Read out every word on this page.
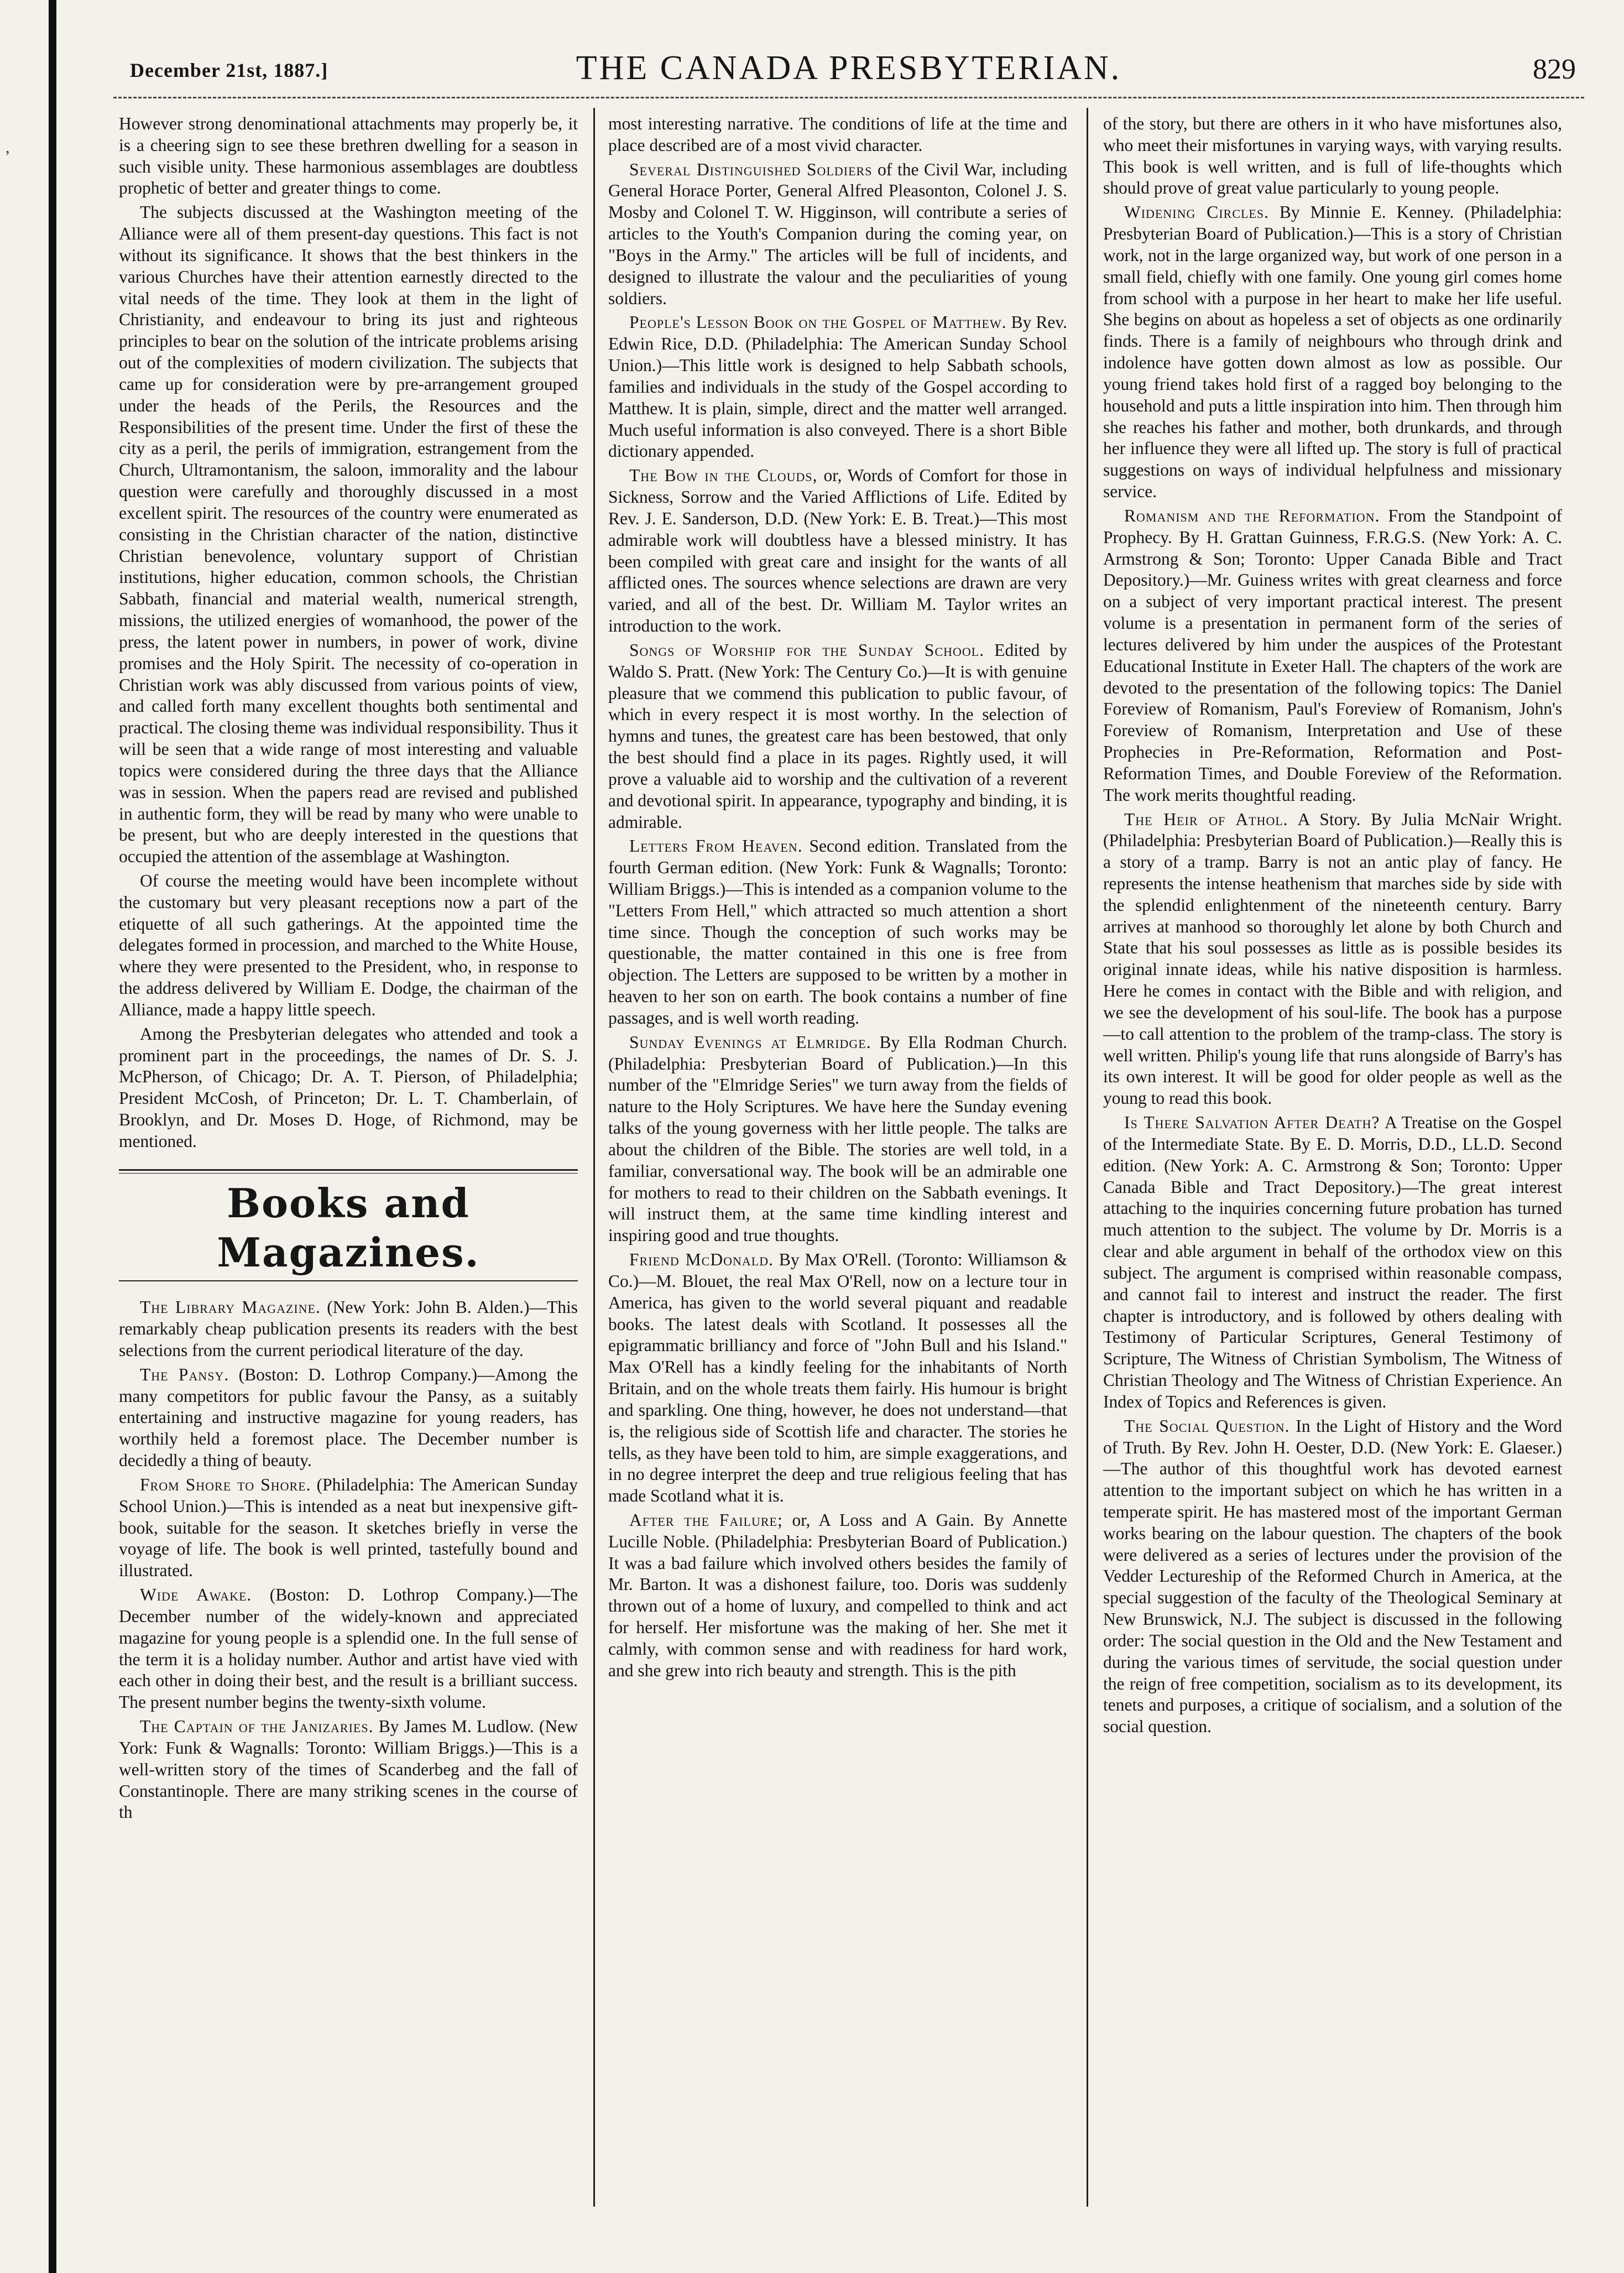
,
December 21st, 1887.]	THE CANADA PRESBYTERIAN.	829

However strong denominational attachments may properly be, it is a cheering sign to see these brethren dwelling for a season in such visible unity. These harmonious assemblages are doubtless prophetic of better and greater things to come.

The subjects discussed at the Washington meeting of the Alliance were all of them present-day questions. This fact is not without its significance. It shows that the best thinkers in the various Churches have their attention earnestly directed to the vital needs of the time. They look at them in the light of Christianity, and endeavour to bring its just and righteous principles to bear on the solution of the intricate problems arising out of the complexities of modern civilization. The subjects that came up for consideration were by pre-arrangement grouped under the heads of the Perils, the Resources and the Responsibilities of the present time. Under the first of these the city as a peril, the perils of immigration, estrangement from the Church, Ultramontanism, the saloon, immorality and the labour question were carefully and thoroughly discussed in a most excellent spirit. The resources of the country were enumerated as consisting in the Christian character of the nation, distinctive Christian benevolence, voluntary support of Christian institutions, higher education, common schools, the Christian Sabbath, financial and material wealth, numerical strength, missions, the utilized energies of womanhood, the power of the press, the latent power in numbers, in power of work, divine promises and the Holy Spirit. The necessity of co-operation in Christian work was ably discussed from various points of view, and called forth many excellent thoughts both sentimental and practical. The closing theme was individual responsibility. Thus it will be seen that a wide range of most interesting and valuable topics were considered during the three days that the Alliance was in session. When the papers read are revised and published in authentic form, they will be read by many who were unable to be present, but who are deeply interested in the questions that occupied the attention of the assemblage at Washington.

Of course the meeting would have been incomplete without the customary but very pleasant receptions now a part of the etiquette of all such gatherings. At the appointed time the delegates formed in procession, and marched to the White House, where they were presented to the President, who, in response to the address delivered by William E. Dodge, the chairman of the Alliance, made a happy little speech.

Among the Presbyterian delegates who attended and took a prominent part in the proceedings, the names of Dr. S. J. McPherson, of Chicago; Dr. A. T. Pierson, of Philadelphia; President McCosh, of Princeton; Dr. L. T. Chamberlain, of Brooklyn, and Dr. Moses D. Hoge, of Richmond, may be mentioned.

Books and Magazines.

The Library Magazine. (New York: John B. Alden.)—This remarkably cheap publication presents its readers with the best selections from the current periodical literature of the day.

The Pansy. (Boston: D. Lothrop Company.)—Among the many competitors for public favour the Pansy, as a suitably entertaining and instructive magazine for young readers, has worthily held a foremost place. The December number is decidedly a thing of beauty.

From Shore to Shore. (Philadelphia: The American Sunday School Union.)—This is intended as a neat but inexpensive gift-book, suitable for the season. It sketches briefly in verse the voyage of life. The book is well printed, tastefully bound and illustrated.

Wide Awake. (Boston: D. Lothrop Company.)—The December number of the widely-known and appreciated magazine for young people is a splendid one. In the full sense of the term it is a holiday number. Author and artist have vied with each other in doing their best, and the result is a brilliant success. The present number begins the twenty-sixth volume.

The Captain of the Janizaries. By James M. Ludlow. (New York: Funk & Wagnalls: Toronto: William Briggs.)—This is a well-written story of the times of Scanderbeg and the fall of Constantinople. There are many striking scenes in the course of th

most interesting narrative. The conditions of life at the time and place described are of a most vivid character.

Several Distinguished Soldiers of the Civil War, including General Horace Porter, General Alfred Pleasonton, Colonel J. S. Mosby and Colonel T. W. Higginson, will contribute a series of articles to the Youth's Companion during the coming year, on "Boys in the Army." The articles will be full of incidents, and designed to illustrate the valour and the peculiarities of young soldiers.

People's Lesson Book on the Gospel of Matthew. By Rev. Edwin Rice, D.D. (Philadelphia: The American Sunday School Union.)—This little work is designed to help Sabbath schools, families and individuals in the study of the Gospel according to Matthew. It is plain, simple, direct and the matter well arranged. Much useful information is also conveyed. There is a short Bible dictionary appended.

The Bow in the Clouds, or, Words of Comfort for those in Sickness, Sorrow and the Varied Afflictions of Life. Edited by Rev. J. E. Sanderson, D.D. (New York: E. B. Treat.)—This most admirable work will doubtless have a blessed ministry. It has been compiled with great care and insight for the wants of all afflicted ones. The sources whence selections are drawn are very varied, and all of the best. Dr. William M. Taylor writes an introduction to the work.

Songs of Worship for the Sunday School. Edited by Waldo S. Pratt. (New York: The Century Co.)—It is with genuine pleasure that we commend this publication to public favour, of which in every respect it is most worthy. In the selection of hymns and tunes, the greatest care has been bestowed, that only the best should find a place in its pages. Rightly used, it will prove a valuable aid to worship and the cultivation of a reverent and devotional spirit. In appearance, typography and binding, it is admirable.

Letters From Heaven. Second edition. Translated from the fourth German edition. (New York: Funk & Wagnalls; Toronto: William Briggs.)—This is intended as a companion volume to the "Letters From Hell," which attracted so much attention a short time since. Though the conception of such works may be questionable, the matter contained in this one is free from objection. The Letters are supposed to be written by a mother in heaven to her son on earth. The book contains a number of fine passages, and is well worth reading.

Sunday Evenings at Elmridge. By Ella Rodman Church. (Philadelphia: Presbyterian Board of Publication.)—In this number of the "Elmridge Series" we turn away from the fields of nature to the Holy Scriptures. We have here the Sunday evening talks of the young governess with her little people. The talks are about the children of the Bible. The stories are well told, in a familiar, conversational way. The book will be an admirable one for mothers to read to their children on the Sabbath evenings. It will instruct them, at the same time kindling interest and inspiring good and true thoughts.

Friend McDonald. By Max O'Rell. (Toronto: Williamson & Co.)—M. Blouet, the real Max O'Rell, now on a lecture tour in America, has given to the world several piquant and readable books. The latest deals with Scotland. It possesses all the epigrammatic brilliancy and force of "John Bull and his Island." Max O'Rell has a kindly feeling for the inhabitants of North Britain, and on the whole treats them fairly. His humour is bright and sparkling. One thing, however, he does not understand—that is, the religious side of Scottish life and character. The stories he tells, as they have been told to him, are simple exaggerations, and in no degree interpret the deep and true religious feeling that has made Scotland what it is.

After the Failure; or, A Loss and A Gain. By Annette Lucille Noble. (Philadelphia: Presbyterian Board of Publication.) It was a bad failure which involved others besides the family of Mr. Barton. It was a dishonest failure, too. Doris was suddenly thrown out of a home of luxury, and compelled to think and act for herself. Her misfortune was the making of her. She met it calmly, with common sense and with readiness for hard work, and she grew into rich beauty and strength. This is the pith

of the story, but there are others in it who have misfortunes also, who meet their misfortunes in varying ways, with varying results. This book is well written, and is full of life-thoughts which should prove of great value particularly to young people.

Widening Circles. By Minnie E. Kenney. (Philadelphia: Presbyterian Board of Publication.)—This is a story of Christian work, not in the large organized way, but work of one person in a small field, chiefly with one family. One young girl comes home from school with a purpose in her heart to make her life useful. She begins on about as hopeless a set of objects as one ordinarily finds. There is a family of neighbours who through drink and indolence have gotten down almost as low as possible. Our young friend takes hold first of a ragged boy belonging to the household and puts a little inspiration into him. Then through him she reaches his father and mother, both drunkards, and through her influence they were all lifted up. The story is full of practical suggestions on ways of individual helpfulness and missionary service.

Romanism and the Reformation. From the Standpoint of Prophecy. By H. Grattan Guinness, F.R.G.S. (New York: A. C. Armstrong & Son; Toronto: Upper Canada Bible and Tract Depository.)—Mr. Guiness writes with great clearness and force on a subject of very important practical interest. The present volume is a presentation in permanent form of the series of lectures delivered by him under the auspices of the Protestant Educational Institute in Exeter Hall. The chapters of the work are devoted to the presentation of the following topics: The Daniel Foreview of Romanism, Paul's Foreview of Romanism, John's Foreview of Romanism, Interpretation and Use of these Prophecies in Pre-Reformation, Reformation and Post-Reformation Times, and Double Foreview of the Reformation. The work merits thoughtful reading.

The Heir of Athol. A Story. By Julia McNair Wright. (Philadelphia: Presbyterian Board of Publication.)—Really this is a story of a tramp. Barry is not an antic play of fancy. He represents the intense heathenism that marches side by side with the splendid enlightenment of the nineteenth century. Barry arrives at manhood so thoroughly let alone by both Church and State that his soul possesses as little as is possible besides its original innate ideas, while his native disposition is harmless. Here he comes in contact with the Bible and with religion, and we see the development of his soul-life. The book has a purpose—to call attention to the problem of the tramp-class. The story is well written. Philip's young life that runs alongside of Barry's has its own interest. It will be good for older people as well as the young to read this book.

Is There Salvation After Death? A Treatise on the Gospel of the Intermediate State. By E. D. Morris, D.D., LL.D. Second edition. (New York: A. C. Armstrong & Son; Toronto: Upper Canada Bible and Tract Depository.)—The great interest attaching to the inquiries concerning future probation has turned much attention to the subject. The volume by Dr. Morris is a clear and able argument in behalf of the orthodox view on this subject. The argument is comprised within reasonable compass, and cannot fail to interest and instruct the reader. The first chapter is introductory, and is followed by others dealing with Testimony of Particular Scriptures, General Testimony of Scripture, The Witness of Christian Symbolism, The Witness of Christian Theology and The Witness of Christian Experience. An Index of Topics and References is given.

The Social Question. In the Light of History and the Word of Truth. By Rev. John H. Oester, D.D. (New York: E. Glaeser.)—The author of this thoughtful work has devoted earnest attention to the important subject on which he has written in a temperate spirit. He has mastered most of the important German works bearing on the labour question. The chapters of the book were delivered as a series of lectures under the provision of the Vedder Lectureship of the Reformed Church in America, at the special suggestion of the faculty of the Theological Seminary at New Brunswick, N.J. The subject is discussed in the following order: The social question in the Old and the New Testament and during the various times of servitude, the social question under the reign of free competition, socialism as to its development, its tenets and purposes, a critique of socialism, and a solution of the social question.
